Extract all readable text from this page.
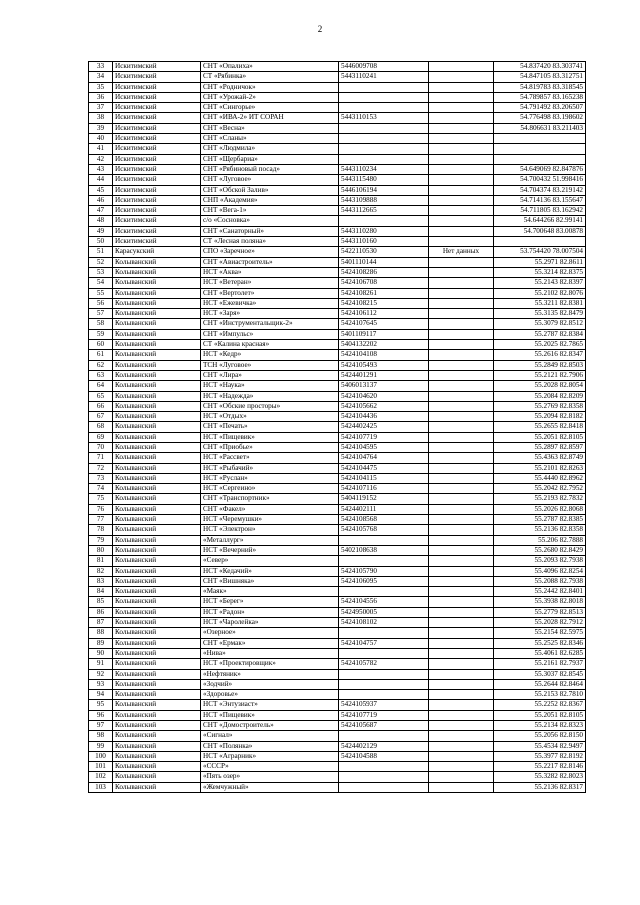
2
33	Искитимский	СНТ «Опалиха»	5446009708		54.837420 83.303741
34	Искитимский	СТ «Рябинка»	5443110241		54.847105 83.312751
35	Искитимский	СНТ «Родничок»			54.819783 83.318545
36	Искитимский	СНТ «Урожай-2»			54.789857 83.165238
37	Искитимский	СНТ «Сингорье»			54.791492 83.206507
38	Искитимский	СНТ «ИВА-2» ИТ СОРАН	5443110153		54.776498 83.198602
39	Искитимский	СНТ «Весна»			54.806631 83.211403
40	Искитимский	СНТ «Сланы»			
41	Искитимский	СНТ «Людмила»			
42	Искитимский	СНТ «Щербариа»			
43	Искитимский	СНТ «Рябиновый посад»	5443110234		54.649069 82.847876
44	Искитимский	СНТ «Луговое»	5443115480		54.700432 51.998416
45	Искитимский	СНТ «Обской Залив»	5446106194		54.704374 83.219142
46	Искитимский	СНП «Академия»	5443109888		54.714136 83.155647
47	Искитимский	СНТ «Вега-1»	5443112665		54.711805 83.162942
48	Искитимский	с/о «Сосновка»			54.644266 82.99141
49	Искитимский	СНТ «Санаторный»	5443110280		54.700648 83.00878
50	Искитимский	СТ «Лесная поляна»	5443110160		
51	Карасукский	СПО «Заречное»	5422110530	Нет данных	53.754420 78.007504
52	Колыванский	СНТ «Авиастроитель»	5401110144		55.2971 82.8611
53	Колыванский	НСТ «Аква»	5424108286		55.3214 82.8375
54	Колыванский	НСТ «Ветеран»	5424106708		55.2143 82.8397
55	Колыванский	СНТ «Вертолет»	5424108261		55.2102 82.8076
56	Колыванский	НСТ «Ежевичка»	5424108215		55.3211 82.8381
57	Колыванский	НСТ «Заря»	5424106112		55.3135 82.8479
58	Колыванский	СНТ «Инструментальщик-2»	5424107645		55.3079 82.8512
59	Колыванский	СНТ «Импульс»	5401109117		55.2787 82.8384
60	Колыванский	СТ «Калина красная»	5404132202		55.2025 82.7865
61	Колыванский	НСТ «Кедр»	5424104108		55.2616 82.8347
62	Колыванский	ТСН «Луговое»	5424105493		55.2849 82.8503
63	Колыванский	СНТ «Лира»	5424401291		55.2121 82.7906
64	Колыванский	НСТ «Наука»	5406013137		55.2028 82.8054
65	Колыванский	НСТ «Надежда»	5424104620		55.2084 82.8209
66	Колыванский	СНТ «Обские просторы»	5424105662		55.2769 82.8358
67	Колыванский	НСТ «Отдых»	5424104436		55.2094 82.8182
68	Колыванский	СНТ «Печать»	5424402425		55.2655 82.8418
69	Колыванский	НСТ «Пищевик»	5424107719		55.2051 82.8105
70	Колыванский	СНТ «Приобье»	5424104595		55.2897 82.8597
71	Колыванский	НСТ «Рассвет»	5424104764		55.4363 82.8749
72	Колыванский	НСТ «Рыбачий»	5424104475		55.2101 82.8263
73	Колыванский	НСТ «Руслан»	5424104115		55.4440 82.8962
74	Колыванский	НСТ «Сергеино»	5424107116		55.2042 82.7952
75	Колыванский	СНТ «Транспортник»	5404119152		55.2193 82.7832
76	Колыванский	СНТ «Факел»	5424402111		55.2026 82.8068
77	Колыванский	НСТ «Черемушки»	5424108568		55.2787 82.8385
78	Колыванский	НСТ «Электрон»	5424105768		55.2136 82.8358
79	Колыванский	«Металлург»			55.206 82.7888
80	Колыванский	НСТ «Вечерний»	5402108638		55.2680 82.8429
81	Колыванский	«Север»			55.2093 82.7938
82	Колыванский	НСТ «Кедачий»	5424105790		55.4096 82.8254
83	Колыванский	СНТ «Вишняка»	5424106095		55.2088 82.7938
84	Колыванский	«Маяк»			55.2442 82.8401
85	Колыванский	НСТ «Берег»	5424104556		55.3938 82.8018
86	Колыванский	НСТ «Радон»	5424950005		55.2779 82.8513
87	Колыванский	НСТ «Чаролейка»	5424108102		55.2028 82.7912
88	Колыванский	«Озерное»			55.2154 82.5975
89	Колыванский	СНТ «Ермак»	5424104757		55.2525 82.8346
90	Колыванский	«Нива»			55.4061 82.6285
91	Колыванский	НСТ «Проектировщик»	5424105782		55.2161 82.7937
92	Колыванский	«Нефтяник»			55.3037 82.8545
93	Колыванский	«Зодчий»			55.2644 82.8464
94	Колыванский	«Здоровье»			55.2153 82.7810
95	Колыванский	НСТ «Энтузиаст»	5424105937		55.2252 82.8367
96	Колыванский	НСТ «Пищевик»	5424107719		55.2051 82.8105
97	Колыванский	СНТ «Домостроитель»	5424105687		55.2134 82.8323
98	Колыванский	«Сигнал»			55.2056 82.8150
99	Колыванский	СНТ «Полянка»	5424402129		55.4534 82.9497
100	Колыванский	НСТ «Аграрник»	5424104588		55.3977 82.8192
101	Колыванский	«СССР»			55.2217 82.8146
102	Колыванский	«Пять озер»			55.3282 82.8023
103	Колыванский	«Жемчужный»			55.2136 82.8317
